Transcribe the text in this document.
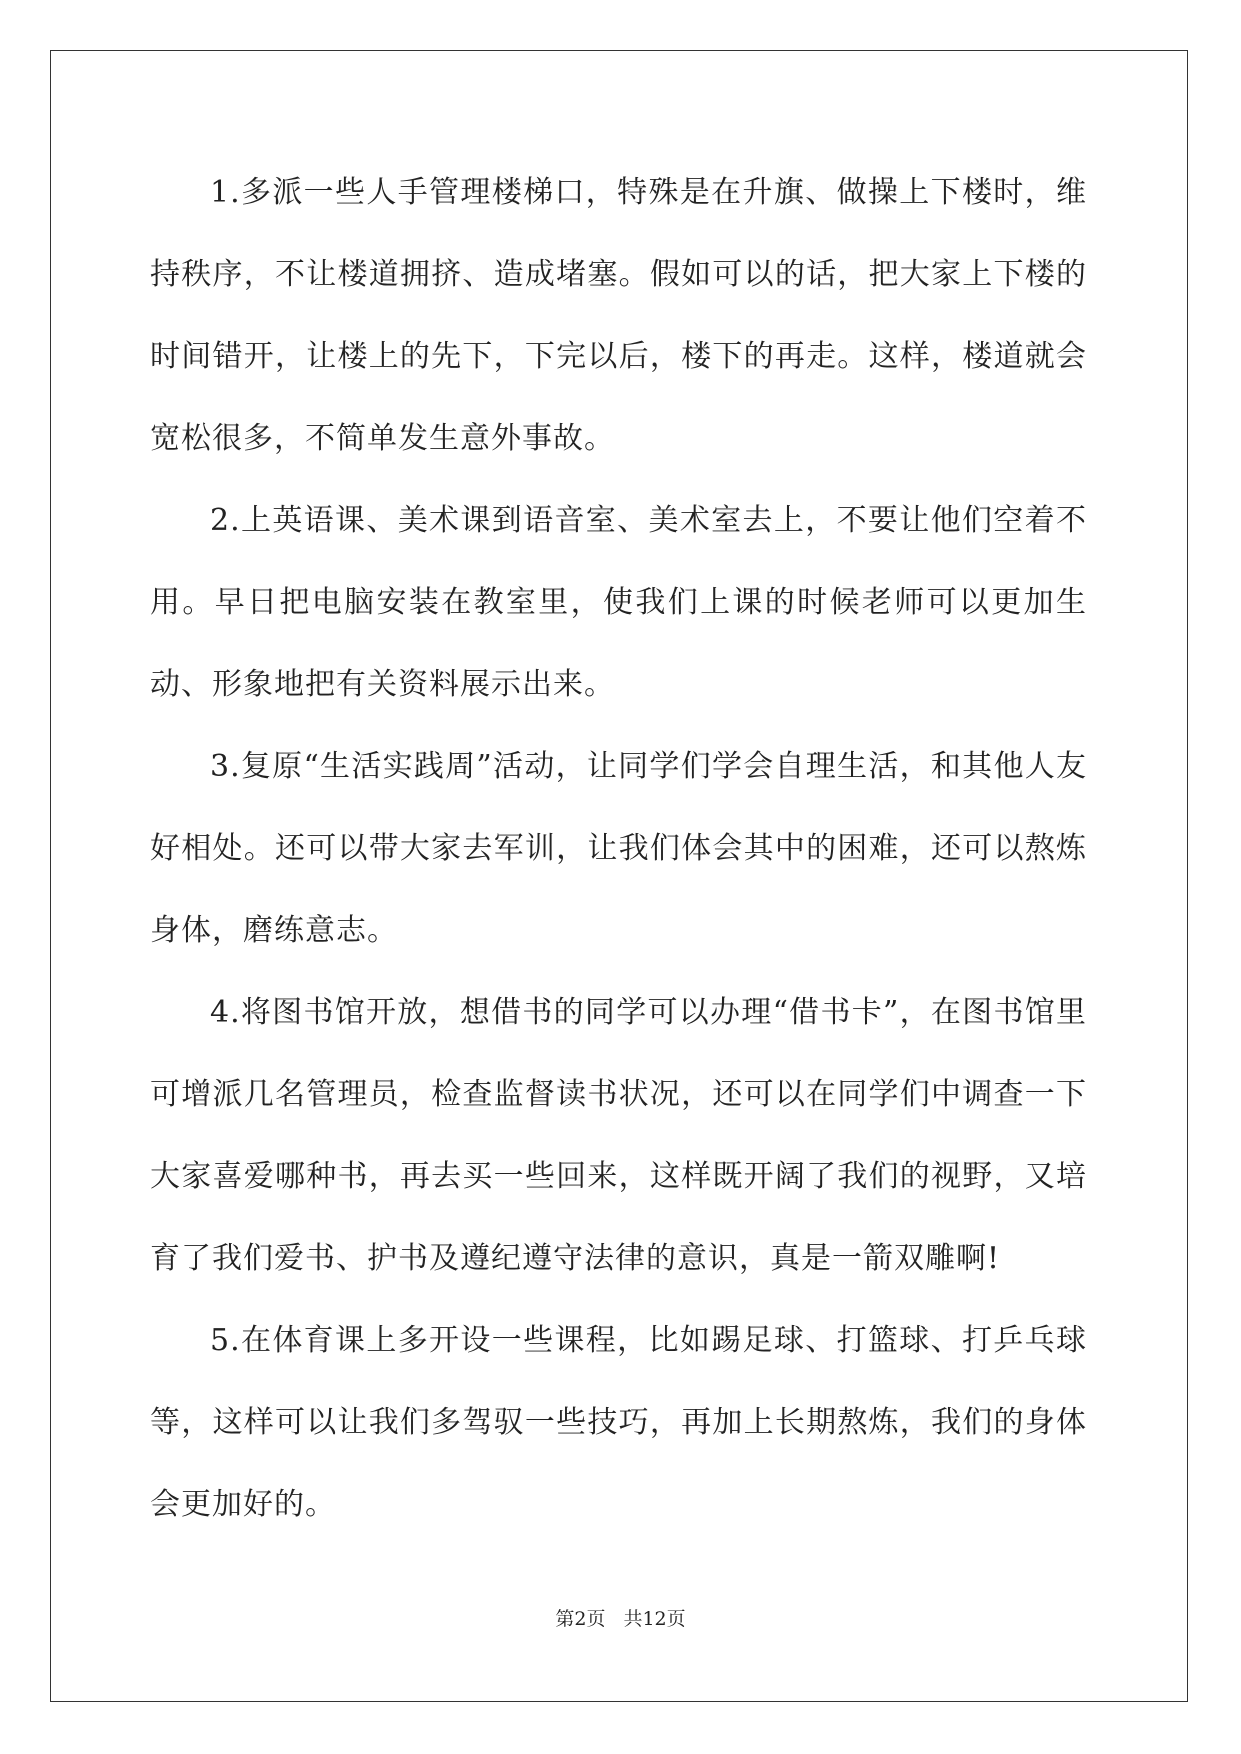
1.多派一些人手管理楼梯口，特殊是在升旗、做操上下楼时，维持秩序，不让楼道拥挤、造成堵塞。假如可以的话，把大家上下楼的时间错开，让楼上的先下，下完以后，楼下的再走。这样，楼道就会宽松很多，不简单发生意外事故。

2.上英语课、美术课到语音室、美术室去上，不要让他们空着不用。早日把电脑安装在教室里，使我们上课的时候老师可以更加生动、形象地把有关资料展示出来。

3.复原“生活实践周”活动，让同学们学会自理生活，和其他人友好相处。还可以带大家去军训，让我们体会其中的困难，还可以熬炼身体，磨练意志。

4.将图书馆开放，想借书的同学可以办理“借书卡”，在图书馆里可增派几名管理员，检查监督读书状况，还可以在同学们中调查一下大家喜爱哪种书，再去买一些回来，这样既开阔了我们的视野，又培育了我们爱书、护书及遵纪遵守法律的意识，真是一箭双雕啊!

5.在体育课上多开设一些课程，比如踢足球、打篮球、打乒乓球等，这样可以让我们多驾驭一些技巧，再加上长期熬炼，我们的身体会更加好的。

第2页 共12页
